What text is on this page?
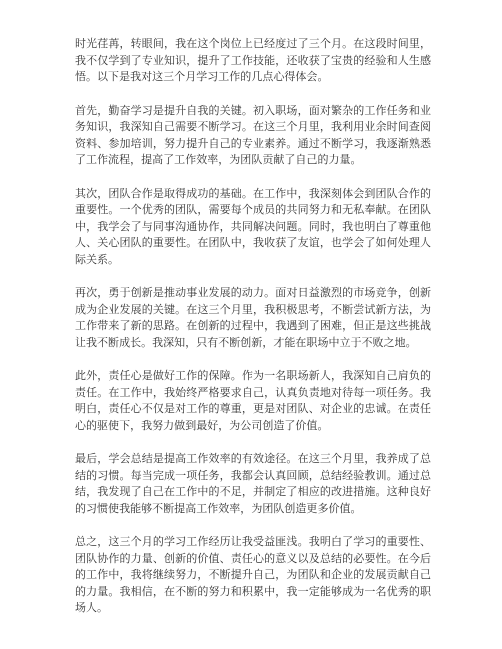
时光荏苒，转眼间，我在这个岗位上已经度过了三个月。在这段时间里，我不仅学到了专业知识，提升了工作技能，还收获了宝贵的经验和人生感悟。以下是我对这三个月学习工作的几点心得体会。

首先，勤奋学习是提升自我的关键。初入职场，面对繁杂的工作任务和业务知识，我深知自己需要不断学习。在这三个月里，我利用业余时间查阅资料、参加培训，努力提升自己的专业素养。通过不断学习，我逐渐熟悉了工作流程，提高了工作效率，为团队贡献了自己的力量。

其次，团队合作是取得成功的基础。在工作中，我深刻体会到团队合作的重要性。一个优秀的团队，需要每个成员的共同努力和无私奉献。在团队中，我学会了与同事沟通协作，共同解决问题。同时，我也明白了尊重他人、关心团队的重要性。在团队中，我收获了友谊，也学会了如何处理人际关系。

再次，勇于创新是推动事业发展的动力。面对日益激烈的市场竞争，创新成为企业发展的关键。在这三个月里，我积极思考，不断尝试新方法，为工作带来了新的思路。在创新的过程中，我遇到了困难，但正是这些挑战让我不断成长。我深知，只有不断创新，才能在职场中立于不败之地。

此外，责任心是做好工作的保障。作为一名职场新人，我深知自己肩负的责任。在工作中，我始终严格要求自己，认真负责地对待每一项任务。我明白，责任心不仅是对工作的尊重，更是对团队、对企业的忠诚。在责任心的驱使下，我努力做到最好，为公司创造了价值。

最后，学会总结是提高工作效率的有效途径。在这三个月里，我养成了总结的习惯。每当完成一项任务，我都会认真回顾，总结经验教训。通过总结，我发现了自己在工作中的不足，并制定了相应的改进措施。这种良好的习惯使我能够不断提高工作效率，为团队创造更多价值。

总之，这三个月的学习工作经历让我受益匪浅。我明白了学习的重要性、团队协作的力量、创新的价值、责任心的意义以及总结的必要性。在今后的工作中，我将继续努力，不断提升自己，为团队和企业的发展贡献自己的力量。我相信，在不断的努力和积累中，我一定能够成为一名优秀的职场人。
